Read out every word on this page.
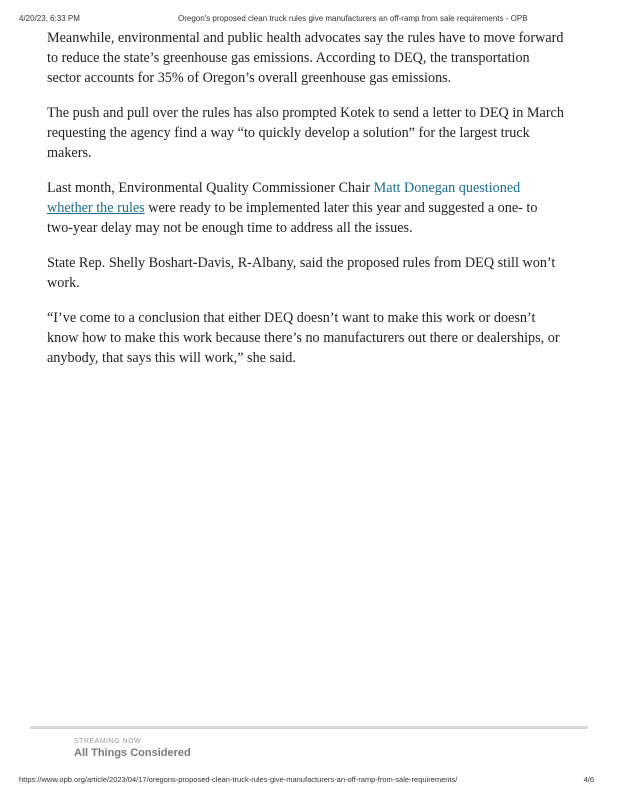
4/20/23, 6:33 PM	Oregon's proposed clean truck rules give manufacturers an off-ramp from sale requirements - OPB

Meanwhile, environmental and public health advocates say the rules have to move forward to reduce the state’s greenhouse gas emissions. According to DEQ, the transportation sector accounts for 35% of Oregon’s overall greenhouse gas emissions.

The push and pull over the rules has also prompted Kotek to send a letter to DEQ in March requesting the agency find a way “to quickly develop a solution” for the largest truck makers.

Last month, Environmental Quality Commissioner Chair Matt Donegan questioned
whether the rules were ready to be implemented later this year and suggested a one- to two-year delay may not be enough time to address all the issues.

State Rep. Shelly Boshart-Davis, R-Albany, said the proposed rules from DEQ still won’t work.

“I’ve come to a conclusion that either DEQ doesn’t want to make this work or doesn’t know how to make this work because there’s no manufacturers out there or dealerships, or anybody, that says this will work,” she said.

STREAMING NOW
All Things Considered
https://www.opb.org/article/2023/04/17/oregons-proposed-clean-truck-rules-give-manufacturers-an-off-ramp-from-sale-requirements/	4/6
